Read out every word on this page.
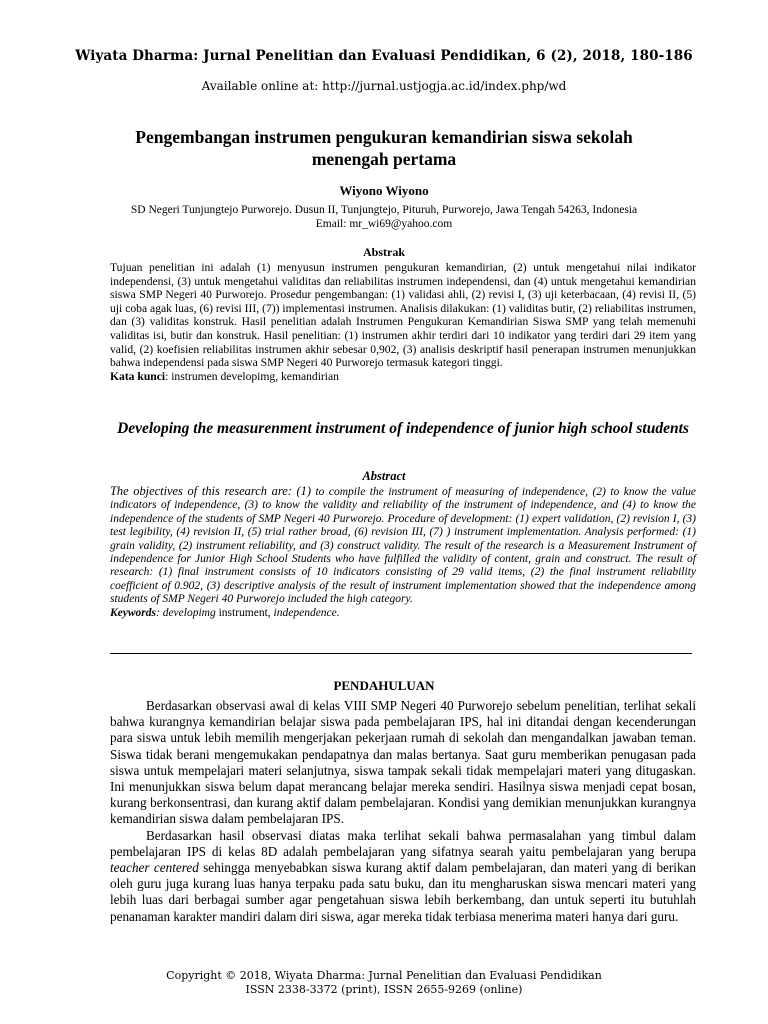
Wiyata Dharma: Jurnal Penelitian dan Evaluasi Pendidikan, 6 (2), 2018, 180-186
Available online at: http://jurnal.ustjogja.ac.id/index.php/wd
Pengembangan instrumen pengukuran kemandirian siswa sekolah menengah pertama
Wiyono Wiyono
SD Negeri Tunjungtejo Purworejo. Dusun II, Tunjungtejo, Pituruh, Purworejo, Jawa Tengah 54263, Indonesia
Email: mr_wi69@yahoo.com
Abstrak
Tujuan penelitian ini adalah (1) menyusun instrumen pengukuran kemandirian, (2) untuk mengetahui nilai indikator independensi, (3) untuk mengetahui validitas dan reliabilitas instrumen independensi, dan (4) untuk mengetahui kemandirian siswa SMP Negeri 40 Purworejo. Prosedur pengembangan: (1) validasi ahli, (2) revisi I, (3) uji keterbacaan, (4) revisi II, (5) uji coba agak luas, (6) revisi III, (7)) implementasi instrumen. Analisis dilakukan: (1) validitas butir, (2) reliabilitas instrumen, dan (3) validitas konstruk. Hasil penelitian adalah Instrumen Pengukuran Kemandirian Siswa SMP yang telah memenuhi validitas isi, butir dan konstruk. Hasil penelitian: (1) instrumen akhir terdiri dari 10 indikator yang terdiri dari 29 item yang valid, (2) koefisien reliabilitas instrumen akhir sebesar 0,902, (3) analisis deskriptif hasil penerapan instrumen menunjukkan bahwa independensi pada siswa SMP Negeri 40 Purworejo termasuk kategori tinggi.
Kata kunci: instrumen developimg, kemandirian
Developing the measurenment instrument of independence of junior high school students
Abstract
The objectives of this research are: (1) to compile the instrument of measuring of independence, (2) to know the value indicators of independence, (3) to know the validity and reliability of the instrument of independence, and (4) to know the independence of the students of SMP Negeri 40 Purworejo. Procedure of development: (1) expert validation, (2) revision I, (3) test legibility, (4) revision II, (5) trial rather broad, (6) revision III, (7) ) instrument implementation. Analysis performed: (1) grain validity, (2) instrument reliability, and (3) construct validity. The result of the research is a Measurement Instrument of independence for Junior High School Students who have fulfilled the validity of content, grain and construct. The result of research: (1) final instrument consists of 10 indicators consisting of 29 valid items, (2) the final instrument reliability coefficient of 0.902, (3) descriptive analysis of the result of instrument implementation showed that the independence among students of SMP Negeri 40 Purworejo included the high category.
Keywords: developimg instrument, independence.
PENDAHULUAN

Berdasarkan observasi awal di kelas VIII SMP Negeri 40 Purworejo sebelum penelitian, terlihat sekali bahwa kurangnya kemandirian belajar siswa pada pembelajaran IPS, hal ini ditandai dengan kecenderungan para siswa untuk lebih memilih mengerjakan pekerjaan rumah di sekolah dan mengandalkan jawaban teman. Siswa tidak berani mengemukakan pendapatnya dan malas bertanya. Saat guru memberikan penugasan pada siswa untuk mempelajari materi selanjutnya, siswa tampak sekali tidak mempelajari materi yang ditugaskan. Ini menunjukkan siswa belum dapat merancang belajar mereka sendiri. Hasilnya siswa menjadi cepat bosan, kurang berkonsentrasi, dan kurang aktif dalam pembelajaran. Kondisi yang demikian menunjukkan kurangnya kemandirian siswa dalam pembelajaran IPS.

Berdasarkan hasil observasi diatas maka terlihat sekali bahwa permasalahan yang timbul dalam pembelajaran IPS di kelas 8D adalah pembelajaran yang sifatnya searah yaitu pembelajaran yang berupa teacher centered sehingga menyebabkan siswa kurang aktif dalam pembelajaran, dan materi yang di berikan oleh guru juga kurang luas hanya terpaku pada satu buku, dan itu mengharuskan siswa mencari materi yang lebih luas dari berbagai sumber agar pengetahuan siswa lebih berkembang, dan untuk seperti itu butuhlah penanaman karakter mandiri dalam diri siswa, agar mereka tidak terbiasa menerima materi hanya dari guru.

Copyright © 2018, Wiyata Dharma: Jurnal Penelitian dan Evaluasi Pendidikan
ISSN 2338-3372 (print), ISSN 2655-9269 (online)
